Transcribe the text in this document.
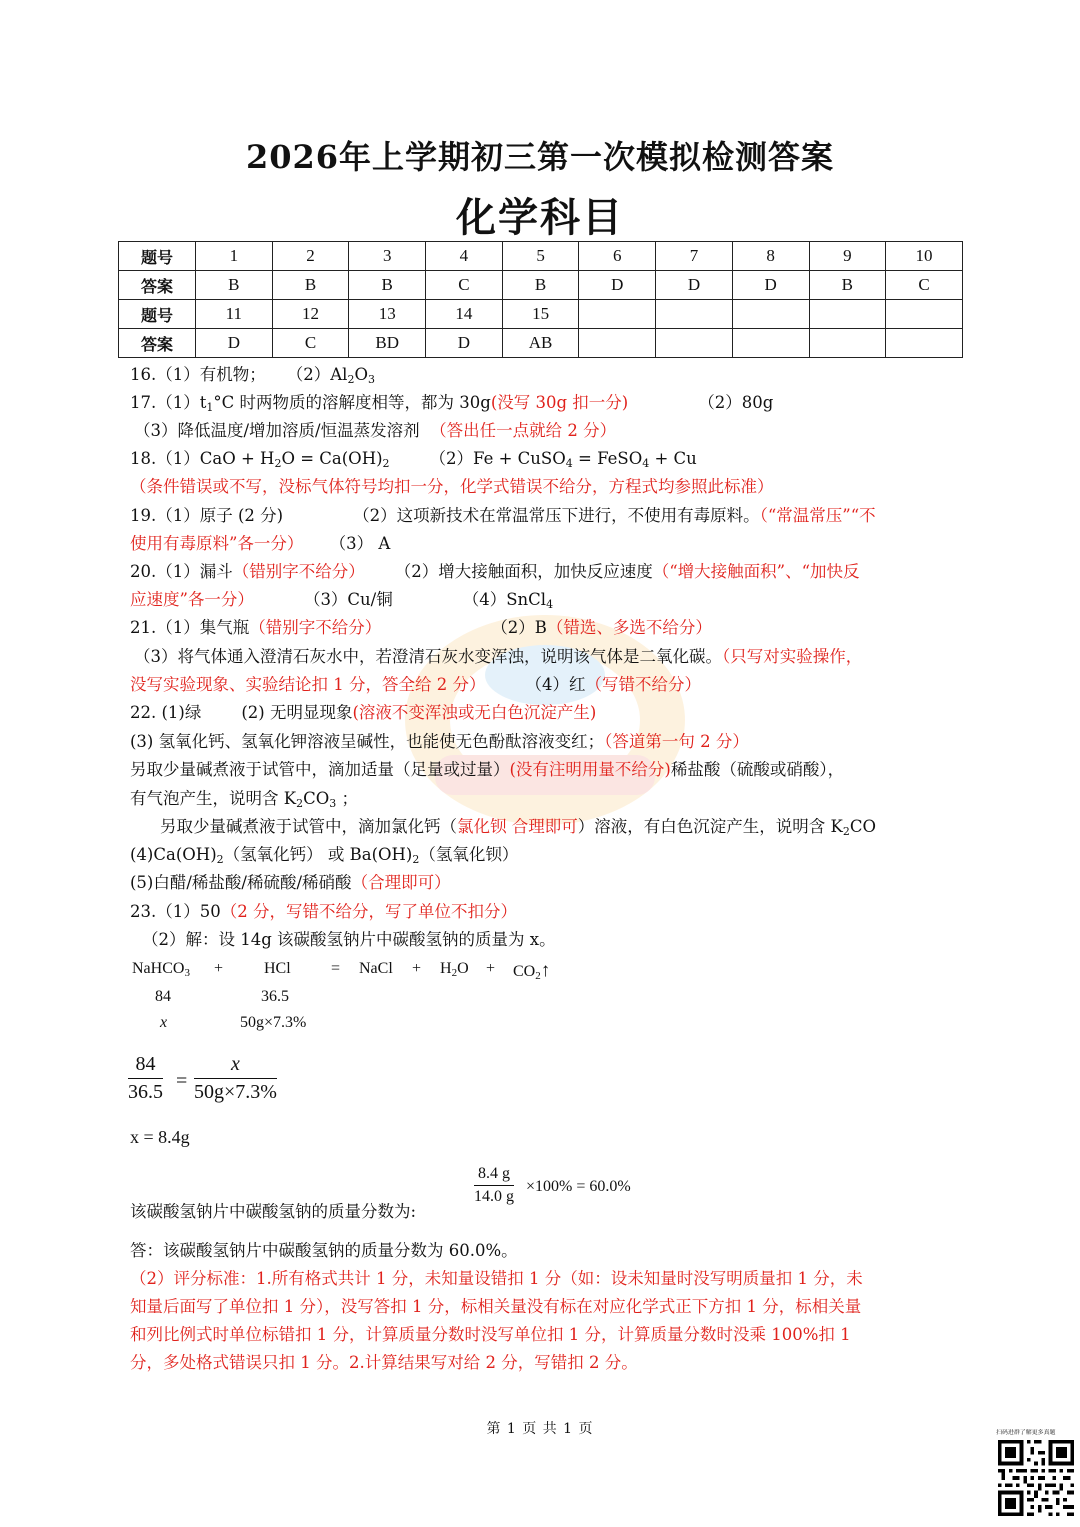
2026年上学期初三第一次模拟检测答案
化学科目
题号	1	2	3	4	5	6	7	8	9	10
答案	B	B	B	C	B	D	D	D	B	C
题号	11	12	13	14	15					
答案	D	C	BD	D	AB					
16.（1）有机物； $(2)Al_2O_3$
$17.(1)t_1^\circ C$ 时两物质的溶解度相等，都为 30g(没写 30g 扣一分)	（2）80g
（3）降低温度/增加溶质/恒温蒸发溶剂 （答出任一点就给 2 分）
$18.(1)CaO + H_2O = Ca(OH)_2$ （2）Fe + CuSO$_4$ = FeSO$_4$ + Cu
（条件错误或不写，没标气体符号均扣一分，化学式错误不给分，方程式均参照此标准）
19.（1）原子 (2 分)	（2）这项新技术在常温常压下进行，不使用有毒原料。（“常温常压”“不
使用有毒原料”各一分） （3） A
20.（1）漏斗（错别字不给分） （2）增大接触面积，加快反应速度（“增大接触面积”、“加快反
应速度”各一分）	（3）Cu/铜	（4）SnCl$_4$
21.（1）集气瓶（错别字不给分）	（2）B（错选、多选不给分）
（3）将气体通入澄清石灰水中，若澄清石灰水变浑浊，说明该气体是二氧化碳。（只写对实验操作，
没写实验现象、实验结论扣 1 分，答全给 2 分） （4）红（写错不给分）
22. (1)绿 (2) 无明显现象(溶液不变浑浊或无白色沉淀产生)
(3) 氢氧化钙、氢氧化钾溶液呈碱性，也能使无色酚酞溶液变红；（答道第一句 2 分）
另取少量碱煮液于试管中，滴加适量（足量或过量）(没有注明用量不给分)稀盐酸（硫酸或硝酸），
有气泡产生，说明含 $K_2CO_3$ ；
另取少量碱煮液于试管中，滴加氯化钙（氯化钡 合理即可）溶液，有白色沉淀产生，说明含 $K_2CO$
$(4)Ca(OH)_2$（氢氧化钙） 或 $Ba(OH)_2$（氢氧化钡）
(5)白醋/稀盐酸/稀硫酸/稀硝酸（合理即可）
23.（1）50（2 分，写错不给分，写了单位不扣分）
（2）解：设 14g 该碳酸氢钠片中碳酸氢钠的质量为 x。
NaHCO$_3$ +	HCl	= NaCl + $H_2O$ + $CO_2↑$
84	36.5
x	50g×7.3%
$\frac{84}{36.5} = \frac{x}{50g\times 7.3\%}$
x = 8.4g
$\frac{8.4 g}{14.0 g} \times 100\% = 60.0\%$
该碳酸氢钠片中碳酸氢钠的质量分数为:
答：该碳酸氢钠片中碳酸氢钠的质量分数为 60.0%。
（2）评分标准：1.所有格式共计 1 分，未知量设错扣 1 分（如：设未知量时没写明质量扣 1 分，未
知量后面写了单位扣 1 分），没写答扣 1 分，标相关量没有标在对应化学式正下方扣 1 分，标相关量
和列比例式时单位标错扣 1 分，计算质量分数时没写单位扣 1 分，计算质量分数时没乘 100%扣 1
分，多处格式错误只扣 1 分。2.计算结果写对给 2 分，写错扣 2 分。
第 1 页 共 1 页	扫码进群了解更多真题
